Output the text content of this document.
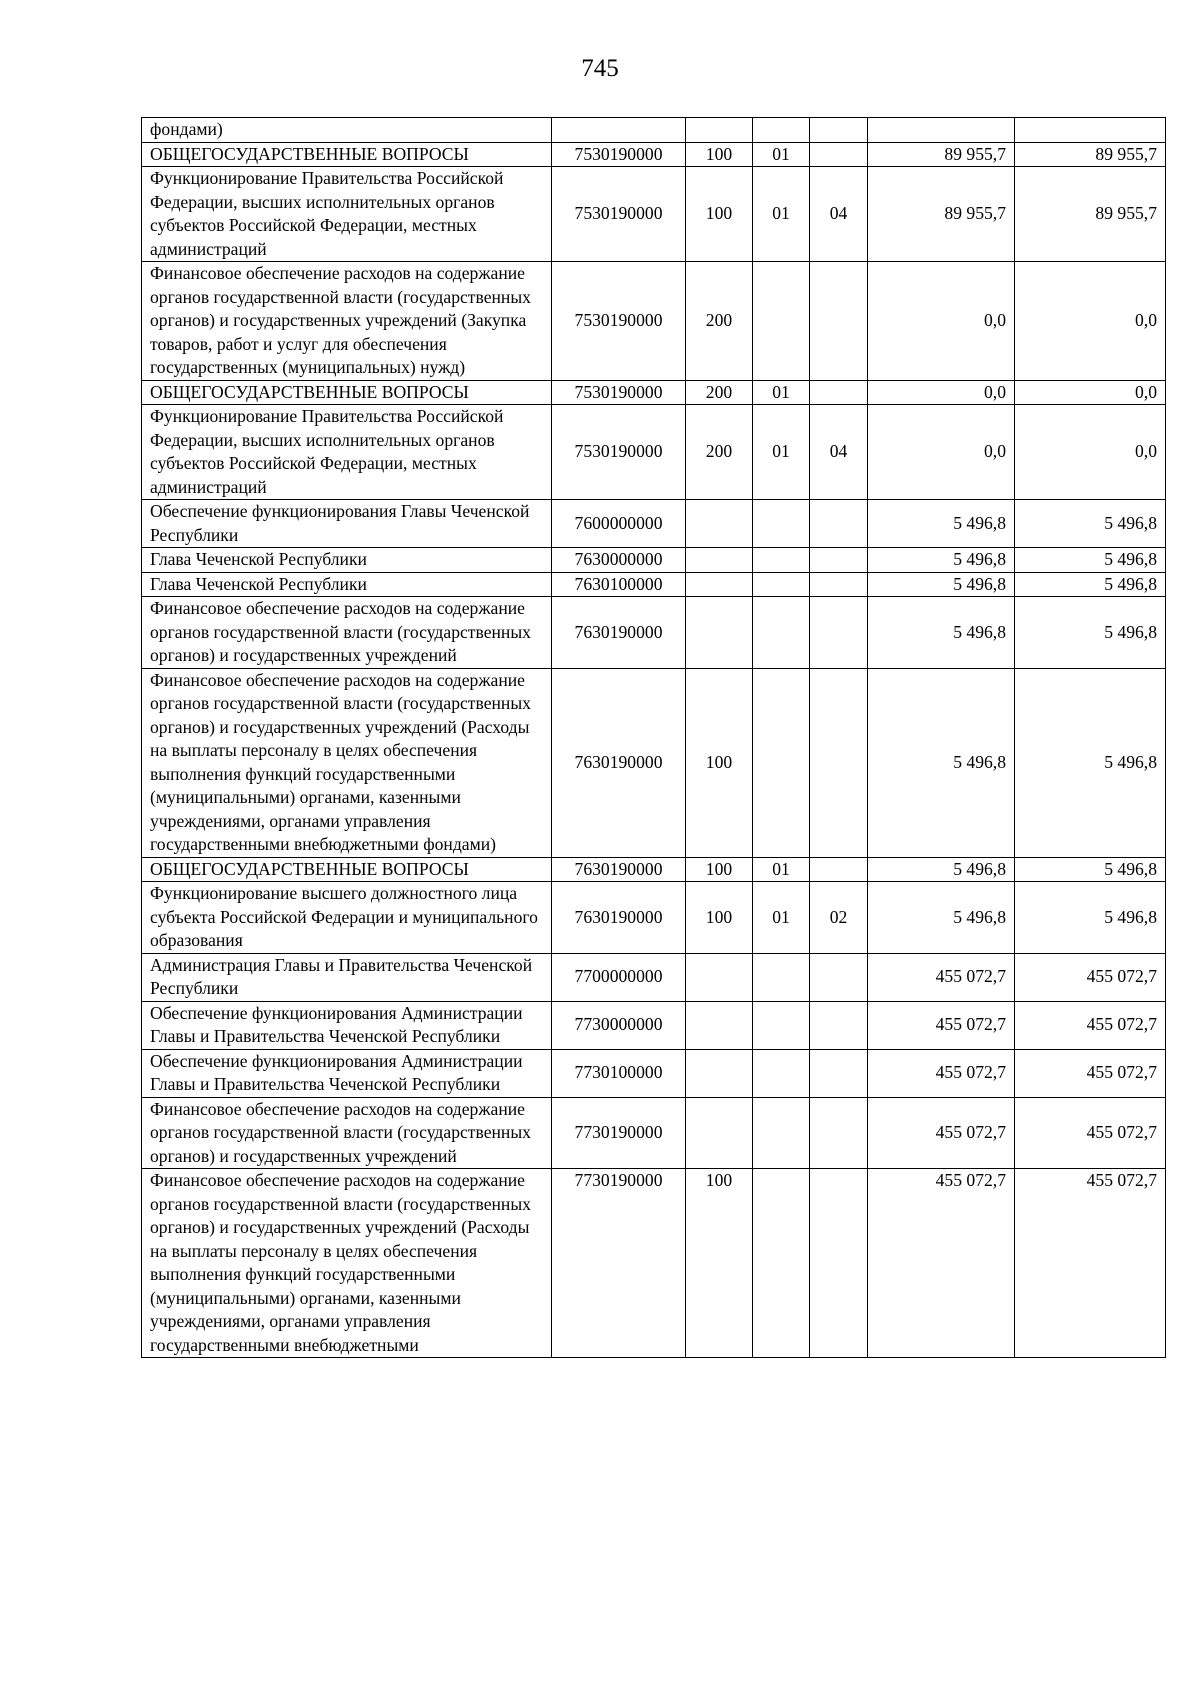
745
фондами)						
ОБЩЕГОСУДАРСТВЕННЫЕ ВОПРОСЫ	7530190000	100	01		89 955,7	89 955,7
Функционирование Правительства Российской Федерации, высших исполнительных органов субъектов Российской Федерации, местных администраций	7530190000	100	01	04	89 955,7	89 955,7
Финансовое обеспечение расходов на содержание органов государственной власти (государственных органов) и государственных учреждений (Закупка товаров, работ и услуг для обеспечения государственных (муниципальных) нужд)	7530190000	200			0,0	0,0
ОБЩЕГОСУДАРСТВЕННЫЕ ВОПРОСЫ	7530190000	200	01		0,0	0,0
Функционирование Правительства Российской Федерации, высших исполнительных органов субъектов Российской Федерации, местных администраций	7530190000	200	01	04	0,0	0,0
Обеспечение функционирования Главы Чеченской Республики	7600000000				5 496,8	5 496,8
Глава Чеченской Республики	7630000000				5 496,8	5 496,8
Глава Чеченской Республики	7630100000				5 496,8	5 496,8
Финансовое обеспечение расходов на содержание органов государственной власти (государственных органов) и государственных учреждений	7630190000				5 496,8	5 496,8
Финансовое обеспечение расходов на содержание органов государственной власти (государственных органов) и государственных учреждений (Расходы на выплаты персоналу в целях обеспечения выполнения функций государственными (муниципальными) органами, казенными учреждениями, органами управления государственными внебюджетными фондами)	7630190000	100			5 496,8	5 496,8
ОБЩЕГОСУДАРСТВЕННЫЕ ВОПРОСЫ	7630190000	100	01		5 496,8	5 496,8
Функционирование высшего должностного лица субъекта Российской Федерации и муниципального образования	7630190000	100	01	02	5 496,8	5 496,8
Администрация Главы и Правительства Чеченской Республики	7700000000				455 072,7	455 072,7
Обеспечение функционирования Администрации Главы и Правительства Чеченской Республики	7730000000				455 072,7	455 072,7
Обеспечение функционирования Администрации Главы и Правительства Чеченской Республики	7730100000				455 072,7	455 072,7
Финансовое обеспечение расходов на содержание органов государственной власти (государственных органов) и государственных учреждений	7730190000				455 072,7	455 072,7
Финансовое обеспечение расходов на содержание органов государственной власти (государственных органов) и государственных учреждений (Расходы на выплаты персоналу в целях обеспечения выполнения функций государственными (муниципальными) органами, казенными учреждениями, органами управления государственными внебюджетными	7730190000	100			455 072,7	455 072,7
